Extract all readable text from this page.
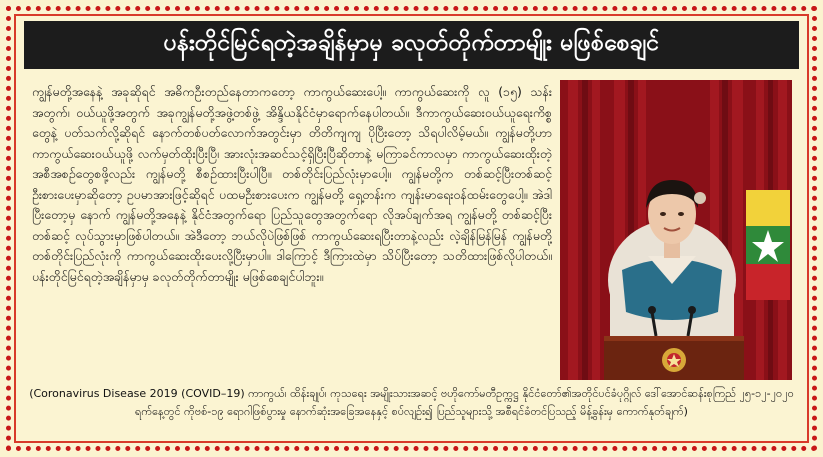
ပန်းတိုင်မြင်ရတဲ့အချိန်မှာမှ ခလုတ်တိုက်တာမျိုး မဖြစ်စေချင်
ကျွန်မတို့အနေနဲ့ အခုဆိုရင် အဓိကဦးတည်နေတာကတော့ ကာကွယ်ဆေးပေါ့။ ကာကွယ်ဆေးကို လူ (၁၅) သန်းအတွက်၊ ဝယ်ယူဖို့အတွက် အခုကျွန်မတို့အဖွဲ့တစ်ဖွဲ့ အိန္ဒိယနိုင်ငံမှာရောက်နေပါတယ်။ ဒီကာကွယ်ဆေးဝယ်ယူရေးကိစ္စတွေနဲ့ ပတ်သက်လို့ဆိုရင် နောက်တစ်ပတ်လောက်အတွင်းမှာ တိတိကျကျ ပိုပြီးတော့ သိရပါလိမ့်မယ်။ ကျွန်မတို့ဟာ ကာကွယ်ဆေးဝယ်ယူဖို့ လက်မှတ်ထိုးပြီးပြီ၊ အားလုံးအဆင်သင့်ရှိပြီးပြီဆိုတာနဲ့ မကြာခင်ကာလမှာ ကာကွယ်ဆေးထိုးတဲ့ အစီအစဉ်တွေစဖို့လည်း ကျွန်မတို့ စီစဉ်ထားပြီးပါပြီ။ တစ်တိုင်းပြည်လုံးမှာပေါ့။ ကျွန်မတို့က တစ်ဆင့်ပြီးတစ်ဆင့် ဦးစားပေးမှာဆိုတော့ ဥပမာအားဖြင့်ဆိုရင် ပထမဦးစားပေးက ကျွန်မတို့ ရှေ့တန်းက ကျန်းမာရေးဝန်ထမ်းတွေပေါ့။ အဲဒါပြီးတော့မှ နောက် ကျွန်မတို့အနေနဲ့ နိုင်ငံအတွက်ရော ပြည်သူတွေအတွက်ရော လိုအပ်ချက်အရ ကျွန်မတို့ တစ်ဆင့်ပြီးတစ်ဆင့် လုပ်သွားမှာဖြစ်ပါတယ်။ အဲဒီတော့ ဘယ်လိုပဲဖြစ်ဖြစ် ကာကွယ်ဆေးရပြီးတာနဲ့လည်း လဲ့ချိန်မြန်မြန် ကျွန်မတို့ တစ်တိုင်းပြည်လုံးကို ကာကွယ်ဆေးထိုးပေးလို့ပြီးမှာပါ။ ဒါကြောင့် ဒီကြားထဲမှာ သိပ်ပြီးတော့ သတိထားဖြစ်လိုပါတယ်။ ပန်းတိုင်မြင်ရတဲ့အချိန်မှာမှ ခလုတ်တိုက်တာမျိုး မဖြစ်စေချင်ပါဘူး။
(Coronavirus Disease 2019 (COVID–19) ကာကွယ်၊ ထိန်းချုပ်၊ ကုသရေး အမျိုးသားအဆင့် ဗဟိုကော်မတီဥက္ကဋ္ဌ နိုင်ငံတော်၏အတိုင်ပင်ခံပုဂ္ဂိုလ် ဒေါ်အောင်ဆန်းစုကြည် ၂၅-၁၂-၂၀၂၀ ရက်နေ့တွင် ကိုဗစ်-၁၉ ရောဂါဖြစ်ပွားမှု နောက်ဆုံးအခြေအနေနှင့် စပ်လျဉ်း၍ ပြည်သူများသို့ အစီရင်ခံတင်ပြသည့် မိန့်ခွန်းမှ ကောက်နုတ်ချက်)
